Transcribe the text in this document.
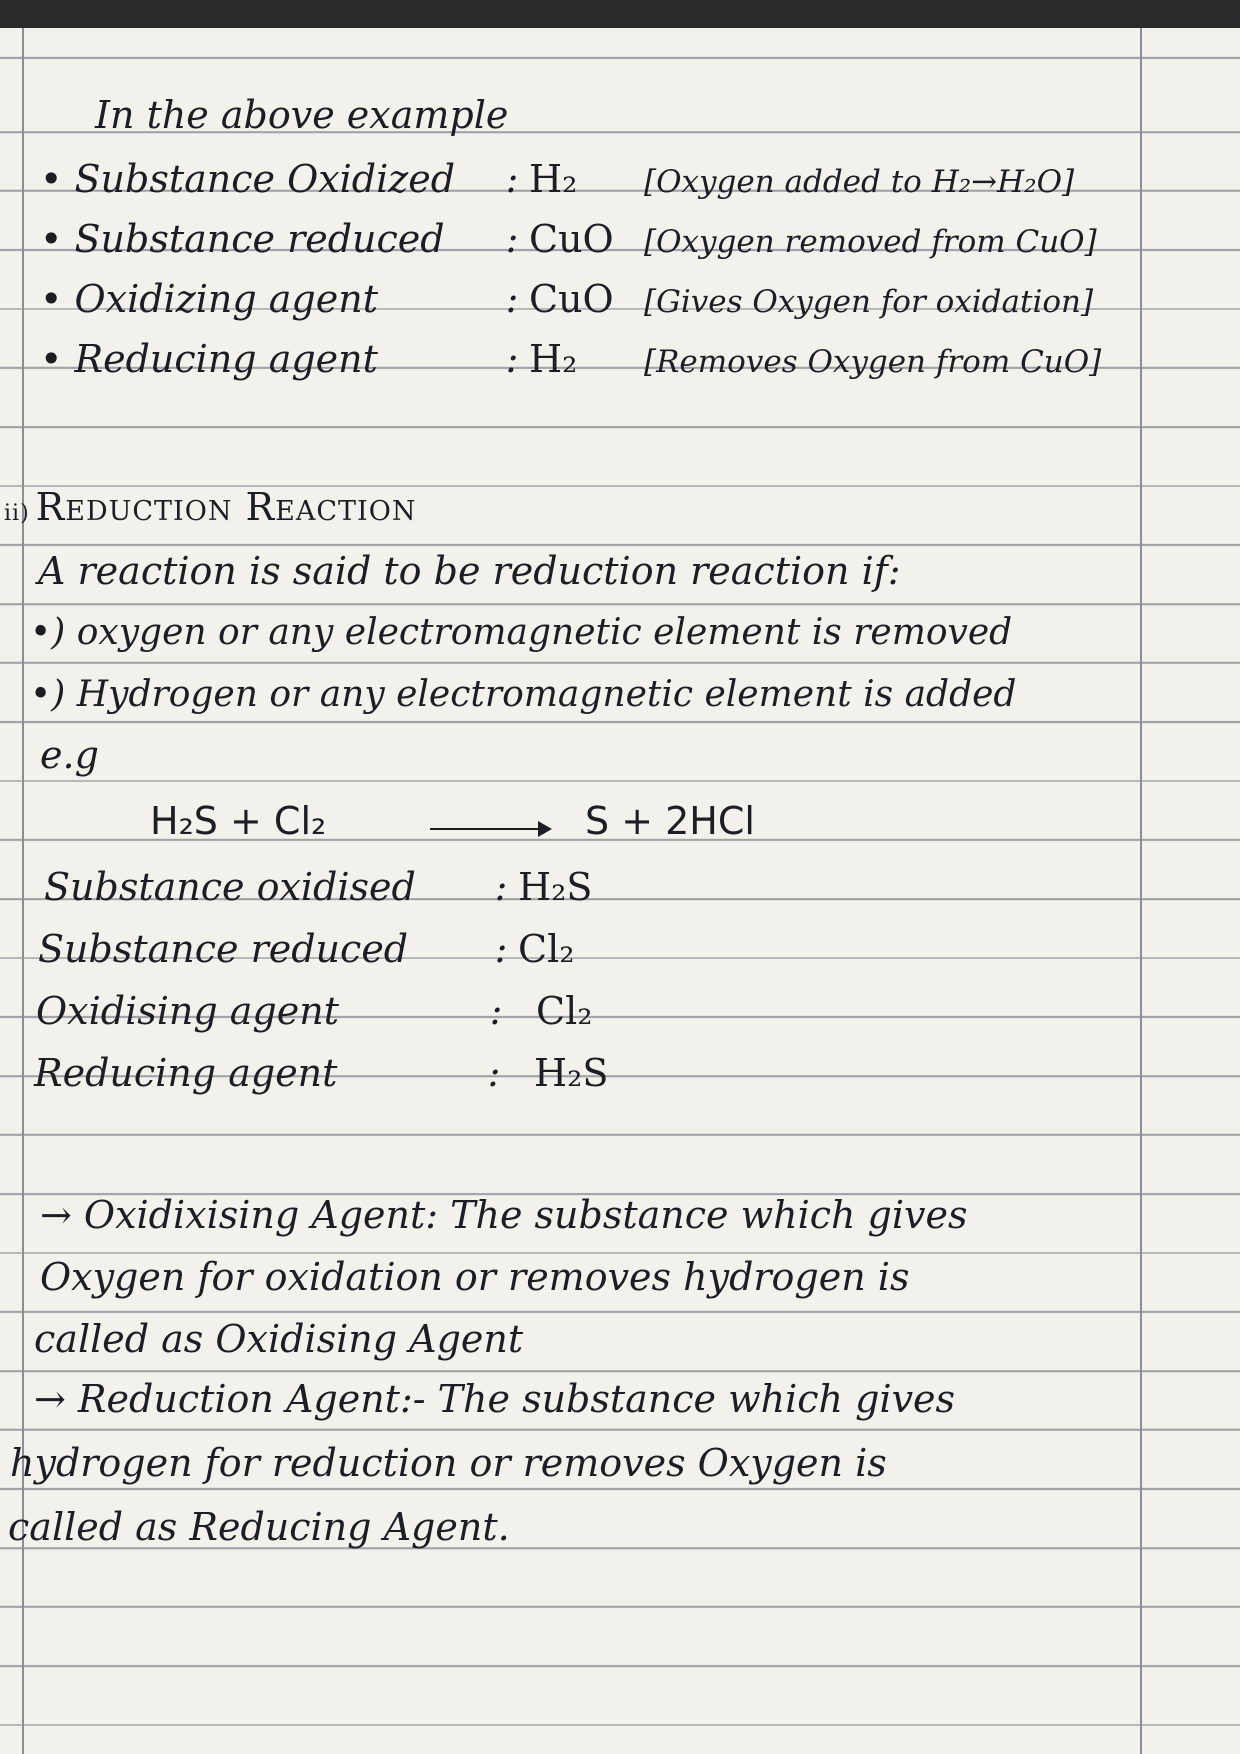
In the above example

• Substance Oxidized	: H₂	[Oxygen added to H₂→H₂O]
• Substance reduced	: CuO [Oxygen removed from CuO]
• Oxidizing agent	: CuO [Gives Oxygen for oxidation]
• Reducing agent	: H₂	[Removes Oxygen from CuO]
ii) Reduction Reaction

A reaction is said to be reduction reaction if:

•) oxygen or any electromagnetic element is removed

•) Hydrogen or any electromagnetic element is added

e.g

H₂S + Cl₂	S + 2HCl

Substance oxidised	: H₂S
Substance reduced	: Cl₂
Oxidising agent	: Cl₂
Reducing agent	: H₂S

→ Oxidixising Agent: The substance which gives

Oxygen for oxidation or removes hydrogen is

called as Oxidising Agent

→ Reduction Agent:- The substance which gives

hydrogen for reduction or removes Oxygen is

called as Reducing Agent.
